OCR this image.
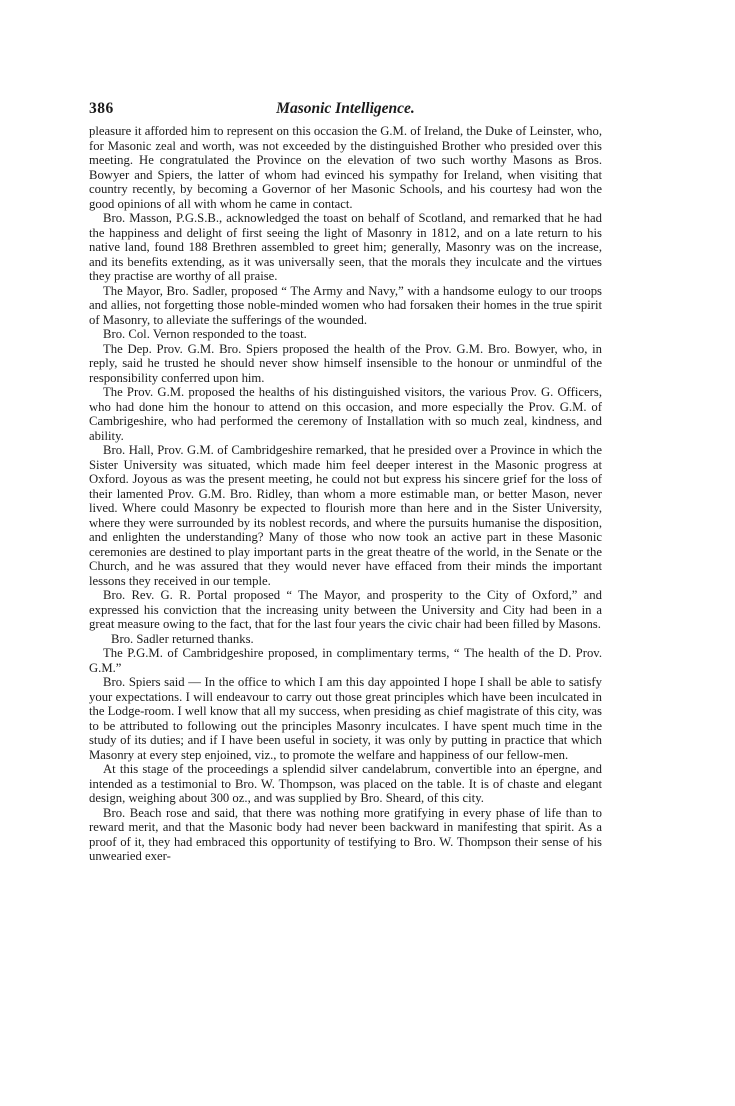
386	Masonic Intelligence.

pleasure it afforded him to represent on this occasion the G.M. of Ireland, the Duke of Leinster, who, for Masonic zeal and worth, was not exceeded by the distinguished Brother who presided over this meeting. He congratulated the Province on the elevation of two such worthy Masons as Bros. Bowyer and Spiers, the latter of whom had evinced his sympathy for Ireland, when visiting that country recently, by becoming a Governor of her Masonic Schools, and his courtesy had won the good opinions of all with whom he came in contact.

Bro. Masson, P.G.S.B., acknowledged the toast on behalf of Scotland, and remarked that he had the happiness and delight of first seeing the light of Masonry in 1812, and on a late return to his native land, found 188 Brethren assembled to greet him; generally, Masonry was on the increase, and its benefits extending, as it was universally seen, that the morals they inculcate and the virtues they practise are worthy of all praise.

The Mayor, Bro. Sadler, proposed “ The Army and Navy,” with a handsome eulogy to our troops and allies, not forgetting those noble-minded women who had forsaken their homes in the true spirit of Masonry, to alleviate the sufferings of the wounded.

Bro. Col. Vernon responded to the toast.

The Dep. Prov. G.M. Bro. Spiers proposed the health of the Prov. G.M. Bro. Bowyer, who, in reply, said he trusted he should never show himself insensible to the honour or unmindful of the responsibility conferred upon him.

The Prov. G.M. proposed the healths of his distinguished visitors, the various Prov. G. Officers, who had done him the honour to attend on this occasion, and more especially the Prov. G.M. of Cambrigeshire, who had performed the ceremony of Installation with so much zeal, kindness, and ability.

Bro. Hall, Prov. G.M. of Cambridgeshire remarked, that he presided over a Province in which the Sister University was situated, which made him feel deeper interest in the Masonic progress at Oxford. Joyous as was the present meeting, he could not but express his sincere grief for the loss of their lamented Prov. G.M. Bro. Ridley, than whom a more estimable man, or better Mason, never lived. Where could Masonry be expected to flourish more than here and in the Sister University, where they were surrounded by its noblest records, and where the pursuits humanise the disposition, and enlighten the understanding? Many of those who now took an active part in these Masonic ceremonies are destined to play important parts in the great theatre of the world, in the Senate or the Church, and he was assured that they would never have effaced from their minds the important lessons they received in our temple.

Bro. Rev. G. R. Portal proposed “ The Mayor, and prosperity to the City of Oxford,” and expressed his conviction that the increasing unity between the University and City had been in a great measure owing to the fact, that for the last four years the civic chair had been filled by Masons.

Bro. Sadler returned thanks.

The P.G.M. of Cambridgeshire proposed, in complimentary terms, “ The health of the D. Prov. G.M.”

Bro. Spiers said — In the office to which I am this day appointed I hope I shall be able to satisfy your expectations. I will endeavour to carry out those great principles which have been inculcated in the Lodge-room. I well know that all my success, when presiding as chief magistrate of this city, was to be attributed to following out the principles Masonry inculcates. I have spent much time in the study of its duties; and if I have been useful in society, it was only by putting in practice that which Masonry at every step enjoined, viz., to promote the welfare and happiness of our fellow-men.

At this stage of the proceedings a splendid silver candelabrum, convertible into an épergne, and intended as a testimonial to Bro. W. Thompson, was placed on the table. It is of chaste and elegant design, weighing about 300 oz., and was supplied by Bro. Sheard, of this city.

Bro. Beach rose and said, that there was nothing more gratifying in every phase of life than to reward merit, and that the Masonic body had never been backward in manifesting that spirit. As a proof of it, they had embraced this opportunity of testifying to Bro. W. Thompson their sense of his unwearied exer-
